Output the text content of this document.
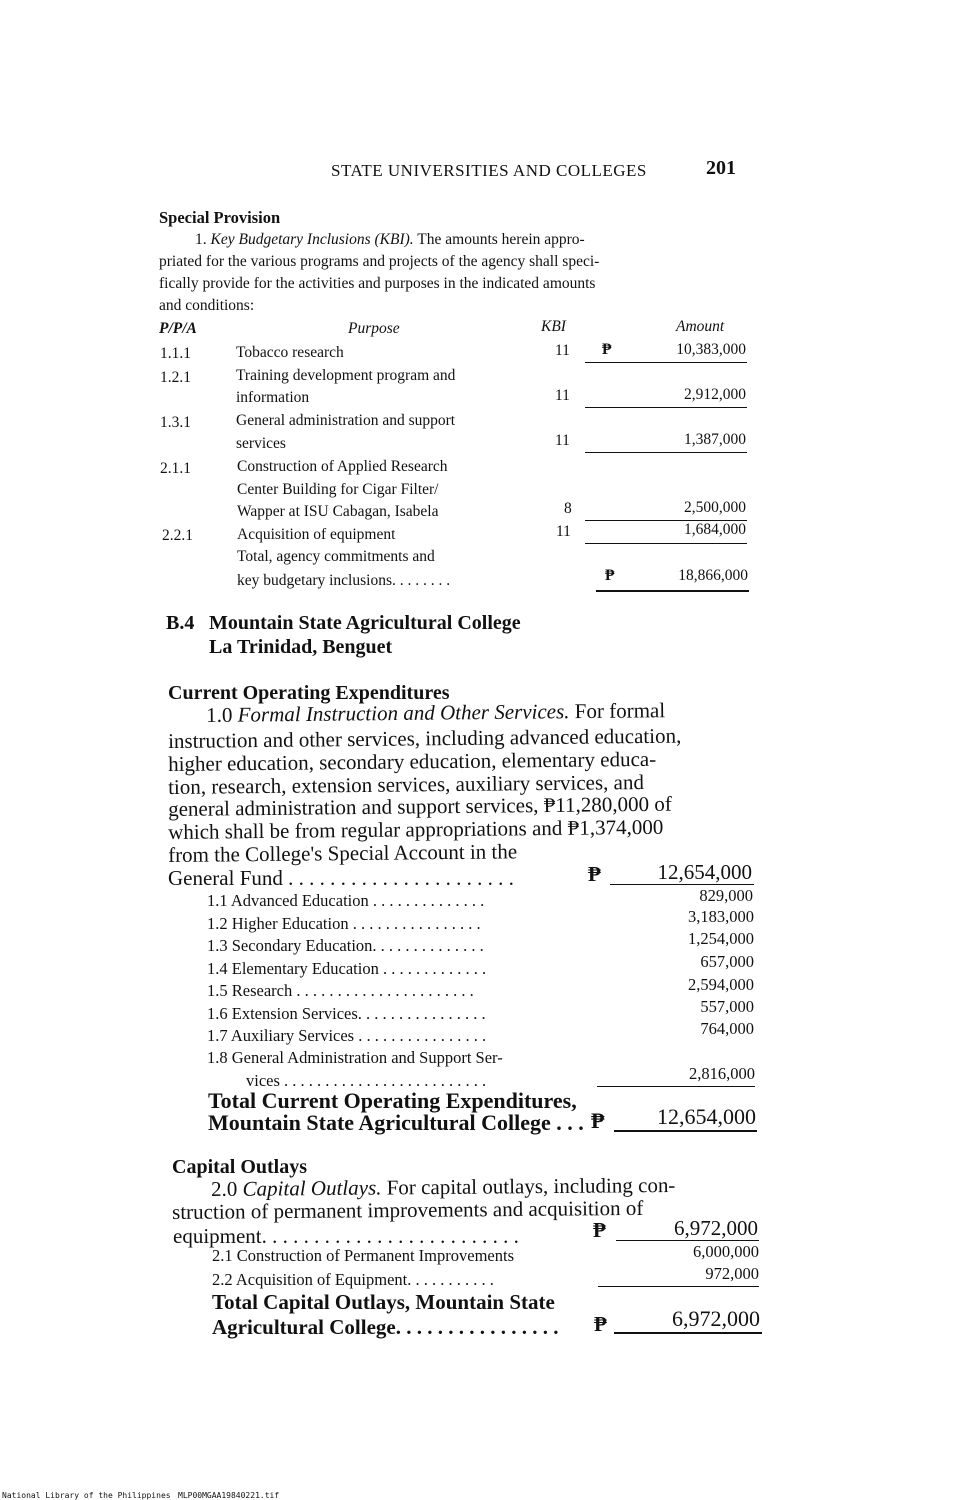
STATE UNIVERSITIES AND COLLEGES	201
Special Provision
1. Key Budgetary Inclusions (KBI). The amounts herein appro-
priated for the various programs and projects of the agency shall speci-
fically provide for the activities and purposes in the indicated amounts
and conditions:
P/P/A	Purpose	KBI	Amount
1.1.1	Tobacco research	11 ₱	10,383,000
1.2.1	Training development program and
information	11	2,912,000
1.3.1	General administration and support
services	11	1,387,000
2.1.1	Construction of Applied Research
Center Building for Cigar Filter/
Wapper at ISU Cabagan, Isabela	8	2,500,000
2.2.1	Acquisition of equipment	11	1,684,000
Total, agency commitments and
key budgetary inclusions. . . . . . . .	₱	18,866,000
B.4 Mountain State Agricultural College
La Trinidad, Benguet
Current Operating Expenditures
1.0 Formal Instruction and Other Services. For formal
instruction and other services, including advanced education,
higher education, secondary education, elementary educa-
tion, research, extension services, auxiliary services, and
general administration and support services, ₱11,280,000 of
which shall be from regular appropriations and ₱1,374,000
from the College's Special Account in the
General Fund . . . . . . . . . . . . . . . . . . . . . .	₱	12,654,000
1.1 Advanced Education . . . . . . . . . . . . . .	829,000
1.2 Higher Education . . . . . . . . . . . . . . . .	3,183,000
1.3 Secondary Education. . . . . . . . . . . . . .	1,254,000
1.4 Elementary Education . . . . . . . . . . . . .	657,000
1.5 Research . . . . . . . . . . . . . . . . . . . . . .	2,594,000
1.6 Extension Services. . . . . . . . . . . . . . . .	557,000
1.7 Auxiliary Services . . . . . . . . . . . . . . . .	764,000
1.8 General Administration and Support Ser-
vices . . . . . . . . . . . . . . . . . . . . . . . . .	2,816,000
Total Current Operating Expenditures,
Mountain State Agricultural College . . . ₱	12,654,000
Capital Outlays
2.0 Capital Outlays. For capital outlays, including con-
struction of permanent improvements and acquisition of
equipment. . . . . . . . . . . . . . . . . . . . . . . . .	₱	6,972,000
2.1 Construction of Permanent Improvements	6,000,000
2.2 Acquisition of Equipment. . . . . . . . . . .	972,000
Total Capital Outlays, Mountain State
Agricultural College. . . . . . . . . . . . . . . . ₱	6,972,000
National Library of the Philippines MLP00MGAA19840221.tif
